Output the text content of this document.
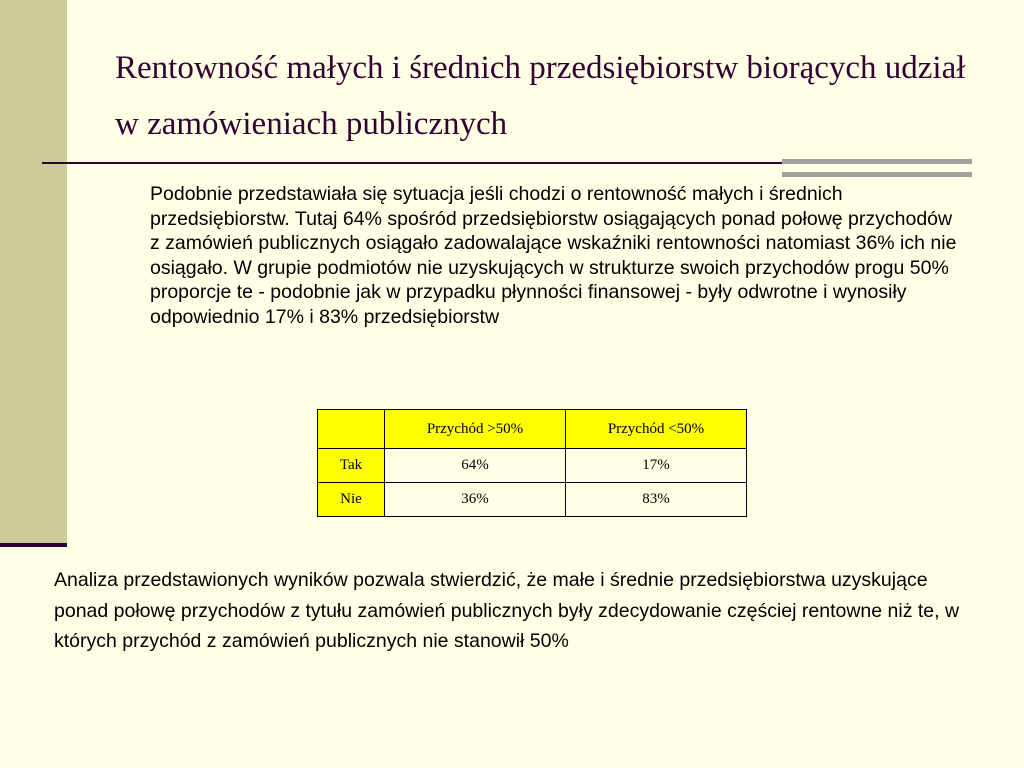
Rentowność małych i średnich przedsiębiorstw biorących udział w zamówieniach publicznych

Podobnie przedstawiała się sytuacja jeśli chodzi o rentowność małych i średnich przedsiębiorstw. Tutaj 64% spośród przedsiębiorstw osiągających ponad połowę przychodów z zamówień publicznych osiągało zadowalające wskaźniki rentowności natomiast 36% ich nie osiągało. W grupie podmiotów nie uzyskujących w strukturze swoich przychodów progu 50% proporcje te - podobnie jak w przypadku płynności finansowej - były odwrotne i wynosiły odpowiednio 17% i 83% przedsiębiorstw

	Przychód >50%	Przychód <50%
Tak	64%	17%
Nie	36%	83%

Analiza przedstawionych wyników pozwala stwierdzić, że małe i średnie przedsiębiorstwa uzyskujące ponad połowę przychodów z tytułu zamówień publicznych były zdecydowanie częściej rentowne niż te, w których przychód z zamówień publicznych nie stanowił 50%
